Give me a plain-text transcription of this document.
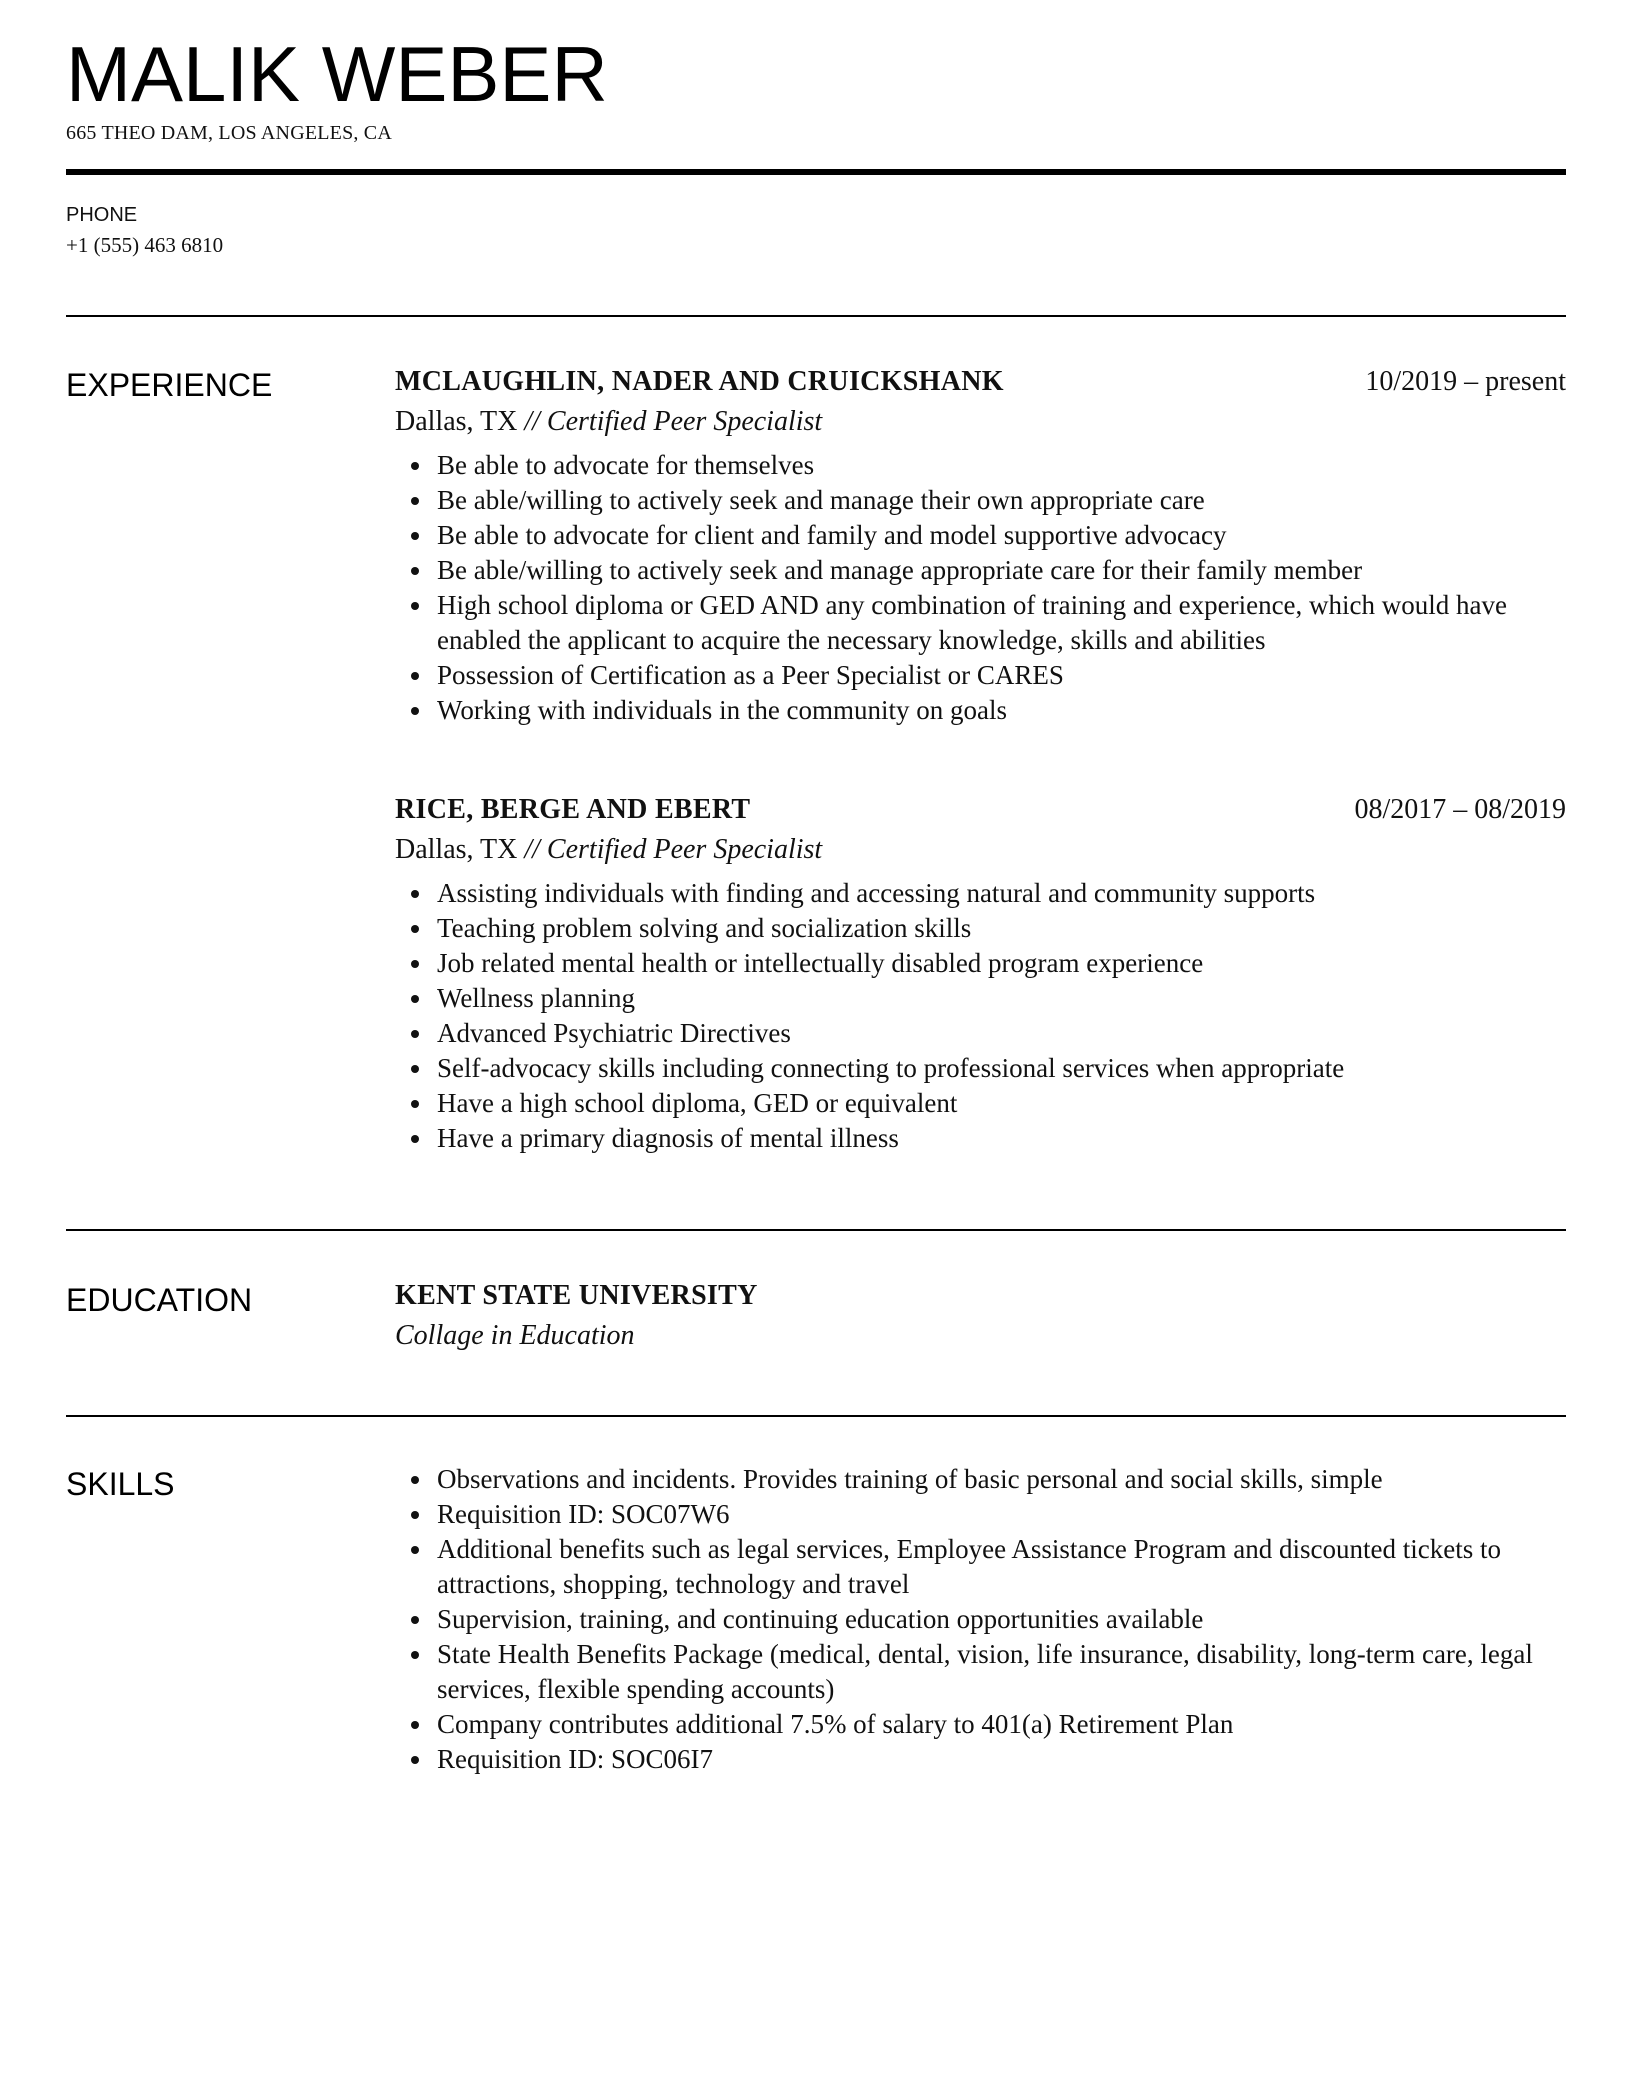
MALIK WEBER
665 THEO DAM, LOS ANGELES, CA
PHONE
+1 (555) 463 6810
EXPERIENCE	MCLAUGHLIN, NADER AND CRUICKSHANK	10/2019 – present
Dallas, TX // Certified Peer Specialist
Be able to advocate for themselves
Be able/willing to actively seek and manage their own appropriate care
Be able to advocate for client and family and model supportive advocacy
Be able/willing to actively seek and manage appropriate care for their family member
High school diploma or GED AND any combination of training and experience, which would have enabled the applicant to acquire the necessary knowledge, skills and abilities
Possession of Certification as a Peer Specialist or CARES
Working with individuals in the community on goals
RICE, BERGE AND EBERT	08/2017 – 08/2019
Dallas, TX // Certified Peer Specialist
Assisting individuals with finding and accessing natural and community supports
Teaching problem solving and socialization skills
Job related mental health or intellectually disabled program experience
Wellness planning
Advanced Psychiatric Directives
Self-advocacy skills including connecting to professional services when appropriate
Have a high school diploma, GED or equivalent
Have a primary diagnosis of mental illness
EDUCATION	KENT STATE UNIVERSITY
Collage in Education
SKILLS	Observations and incidents. Provides training of basic personal and social skills, simple
Requisition ID: SOC07W6
Additional benefits such as legal services, Employee Assistance Program and discounted tickets to attractions, shopping, technology and travel
Supervision, training, and continuing education opportunities available
State Health Benefits Package (medical, dental, vision, life insurance, disability, long-term care, legal services, flexible spending accounts)
Company contributes additional 7.5% of salary to 401(a) Retirement Plan
Requisition ID: SOC06I7
